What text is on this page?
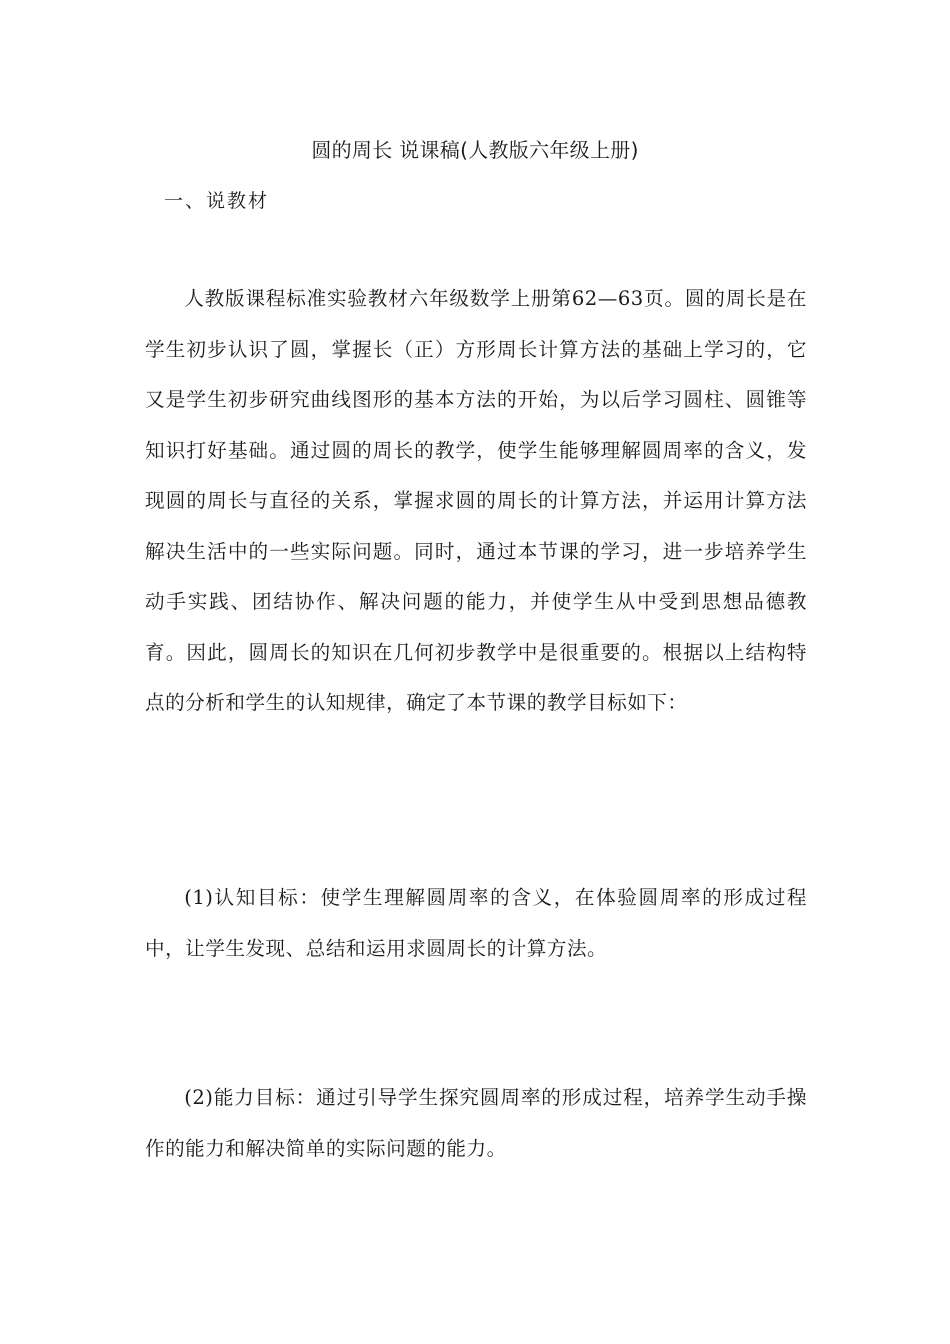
圆的周长 说课稿(人教版六年级上册)
一、说教材

人教版课程标准实验教材六年级数学上册第62—63页。圆的周长是在学生初步认识了圆，掌握长（正）方形周长计算方法的基础上学习的，它又是学生初步研究曲线图形的基本方法的开始，为以后学习圆柱、圆锥等知识打好基础。通过圆的周长的教学，使学生能够理解圆周率的含义，发现圆的周长与直径的关系，掌握求圆的周长的计算方法，并运用计算方法解决生活中的一些实际问题。同时，通过本节课的学习，进一步培养学生动手实践、团结协作、解决问题的能力，并使学生从中受到思想品德教育。因此，圆周长的知识在几何初步教学中是很重要的。根据以上结构特点的分析和学生的认知规律，确定了本节课的教学目标如下：

(1)认知目标：使学生理解圆周率的含义，在体验圆周率的形成过程中，让学生发现、总结和运用求圆周长的计算方法。

(2)能力目标：通过引导学生探究圆周率的形成过程，培养学生动手操作的能力和解决简单的实际问题的能力。
